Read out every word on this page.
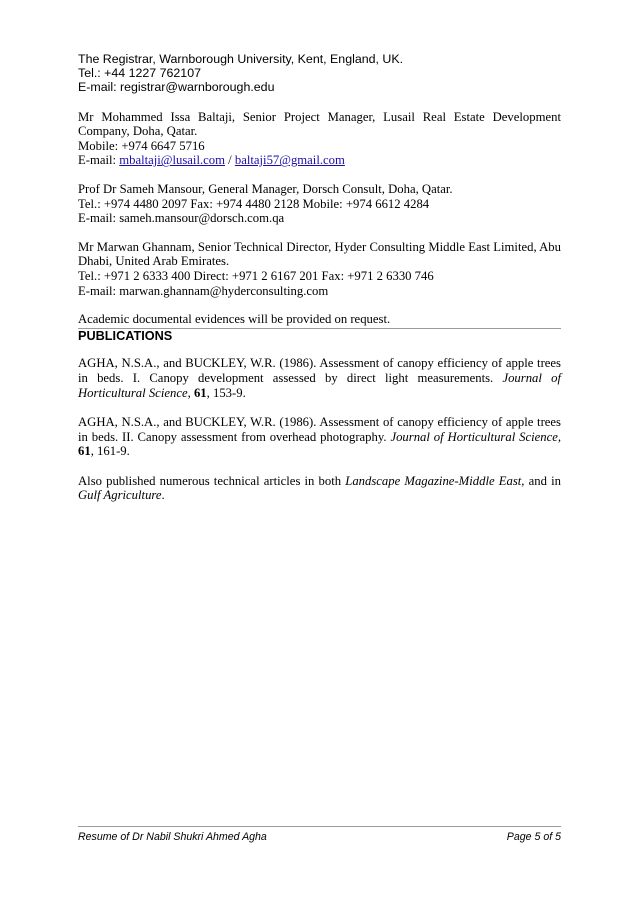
The Registrar, Warnborough University, Kent, England, UK.
Tel.: +44 1227 762107
E-mail: registrar@warnborough.edu

Mr Mohammed Issa Baltaji, Senior Project Manager, Lusail Real Estate Development Company, Doha, Qatar.

Mobile: +974 6647 5716
E-mail: mbaltaji@lusail.com / baltaji57@gmail.com
Prof Dr Sameh Mansour, General Manager, Dorsch Consult, Doha, Qatar.
Tel.: +974 4480 2097 Fax: +974 4480 2128 Mobile: +974 6612 4284
E-mail: sameh.mansour@dorsch.com.qa

Mr Marwan Ghannam, Senior Technical Director, Hyder Consulting Middle East Limited, Abu Dhabi, United Arab Emirates.

Tel.: +971 2 6333 400 Direct: +971 2 6167 201 Fax: +971 2 6330 746
E-mail: marwan.ghannam@hyderconsulting.com
Academic documental evidences will be provided on request.

PUBLICATIONS

AGHA, N.S.A., and BUCKLEY, W.R. (1986). Assessment of canopy efficiency of apple trees in beds. I. Canopy development assessed by direct light measurements. Journal of Horticultural Science, 61, 153-9.

AGHA, N.S.A., and BUCKLEY, W.R. (1986). Assessment of canopy efficiency of apple trees in beds. II. Canopy assessment from overhead photography. Journal of Horticultural Science, 61, 161-9.

Also published numerous technical articles in both Landscape Magazine-Middle East, and in Gulf Agriculture.

Resume of Dr Nabil Shukri Ahmed Agha	Page 5 of 5
